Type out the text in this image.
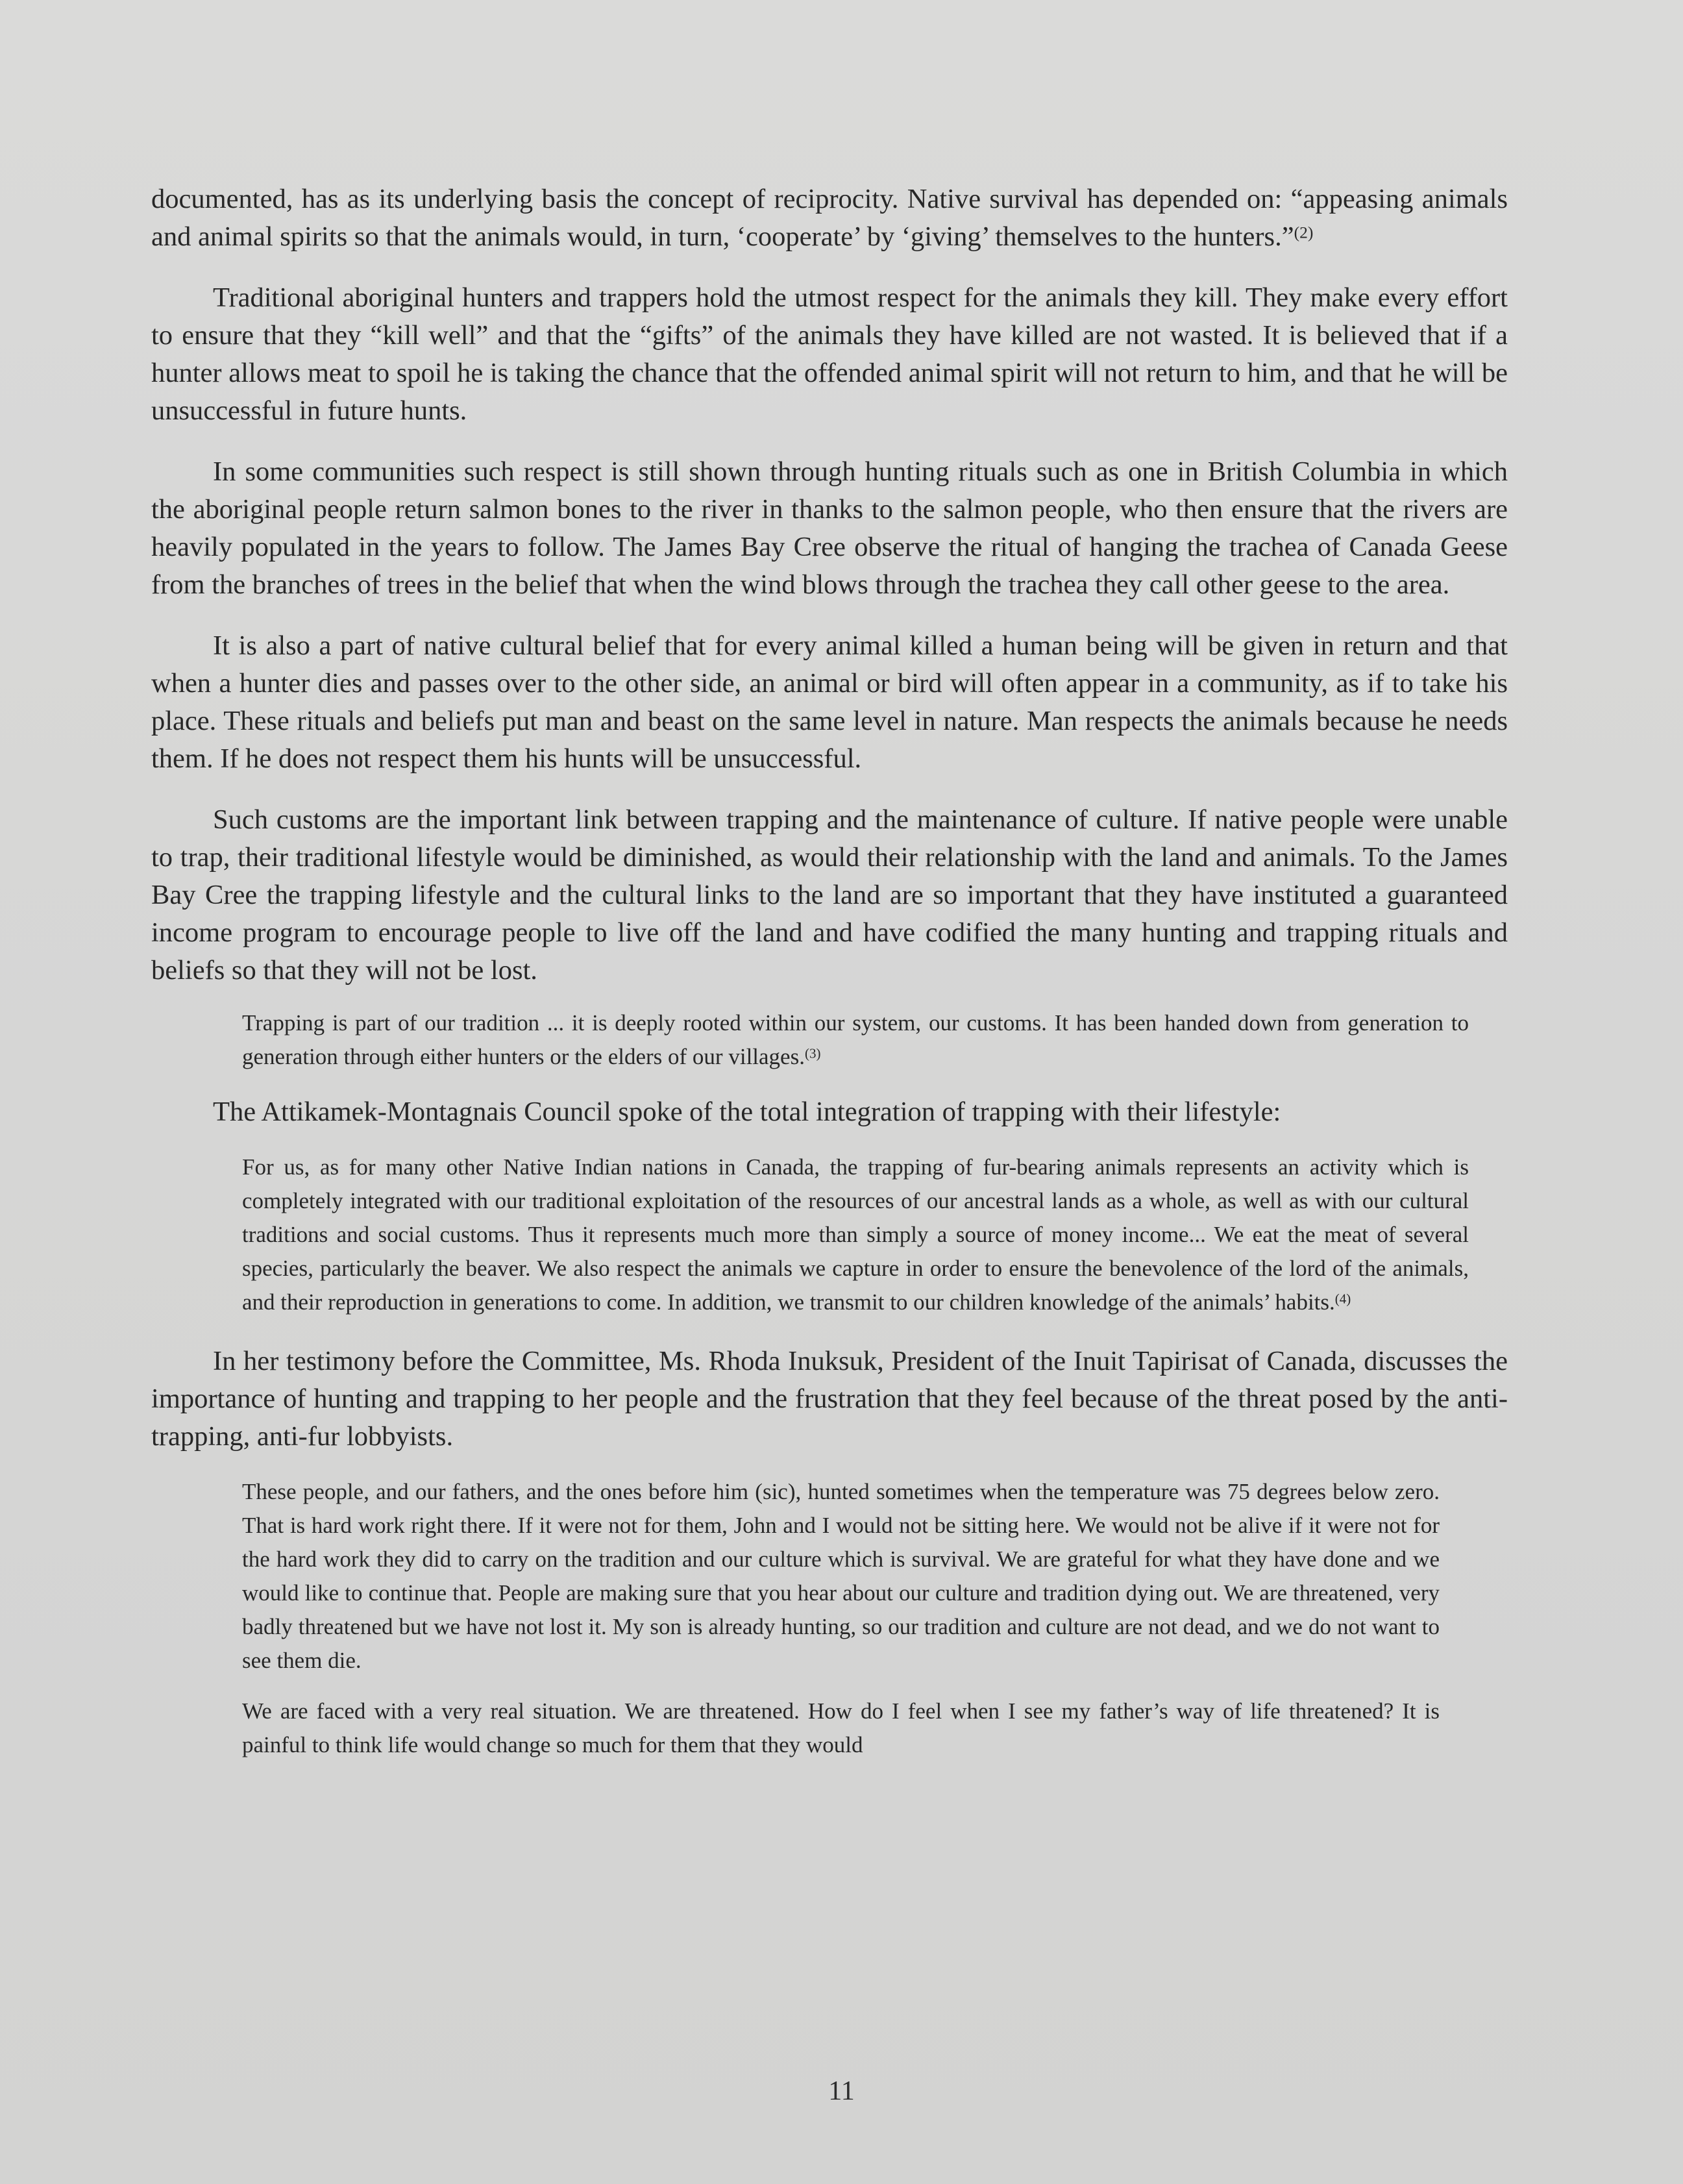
documented, has as its underlying basis the concept of reciprocity. Native survival has depended on: “appeasing animals and animal spirits so that the animals would, in turn, ‘cooperate’ by ‘giving’ themselves to the hunters.”$^{(2)}$

Traditional aboriginal hunters and trappers hold the utmost respect for the animals they kill. They make every effort to ensure that they “kill well” and that the “gifts” of the animals they have killed are not wasted. It is believed that if a hunter allows meat to spoil he is taking the chance that the offended animal spirit will not return to him, and that he will be unsuccessful in future hunts.

In some communities such respect is still shown through hunting rituals such as one in British Columbia in which the aboriginal people return salmon bones to the river in thanks to the salmon people, who then ensure that the rivers are heavily populated in the years to follow. The James Bay Cree observe the ritual of hanging the trachea of Canada Geese from the branches of trees in the belief that when the wind blows through the trachea they call other geese to the area.

It is also a part of native cultural belief that for every animal killed a human being will be given in return and that when a hunter dies and passes over to the other side, an animal or bird will often appear in a community, as if to take his place. These rituals and beliefs put man and beast on the same level in nature. Man respects the animals because he needs them. If he does not respect them his hunts will be unsuccessful.

Such customs are the important link between trapping and the maintenance of culture. If native people were unable to trap, their traditional lifestyle would be diminished, as would their relationship with the land and animals. To the James Bay Cree the trapping lifestyle and the cultural links to the land are so important that they have instituted a guaranteed income program to encourage people to live off the land and have codified the many hunting and trapping rituals and beliefs so that they will not be lost.

Trapping is part of our tradition ... it is deeply rooted within our system, our customs. It has been handed down from generation to generation through either hunters or the elders of our villages.$^{(3)}$

The Attikamek-Montagnais Council spoke of the total integration of trapping with their lifestyle:

For us, as for many other Native Indian nations in Canada, the trapping of fur-bearing animals represents an activity which is completely integrated with our traditional exploitation of the resources of our ancestral lands as a whole, as well as with our cultural traditions and social customs. Thus it represents much more than simply a source of money income... We eat the meat of several species, particularly the beaver. We also respect the animals we capture in order to ensure the benevolence of the lord of the animals, and their reproduction in generations to come. In addition, we transmit to our children knowledge of the animals’ habits.$^{(4)}$

In her testimony before the Committee, Ms. Rhoda Inuksuk, President of the Inuit Tapirisat of Canada, discusses the importance of hunting and trapping to her people and the frustration that they feel because of the threat posed by the anti-trapping, anti-fur lobbyists.

These people, and our fathers, and the ones before him (sic), hunted sometimes when the temperature was 75 degrees below zero. That is hard work right there. If it were not for them, John and I would not be sitting here. We would not be alive if it were not for the hard work they did to carry on the tradition and our culture which is survival. We are grateful for what they have done and we would like to continue that. People are making sure that you hear about our culture and tradition dying out. We are threatened, very badly threatened but we have not lost it. My son is already hunting, so our tradition and culture are not dead, and we do not want to see them die.

We are faced with a very real situation. We are threatened. How do I feel when I see my father’s way of life threatened? It is painful to think life would change so much for them that they would

11
